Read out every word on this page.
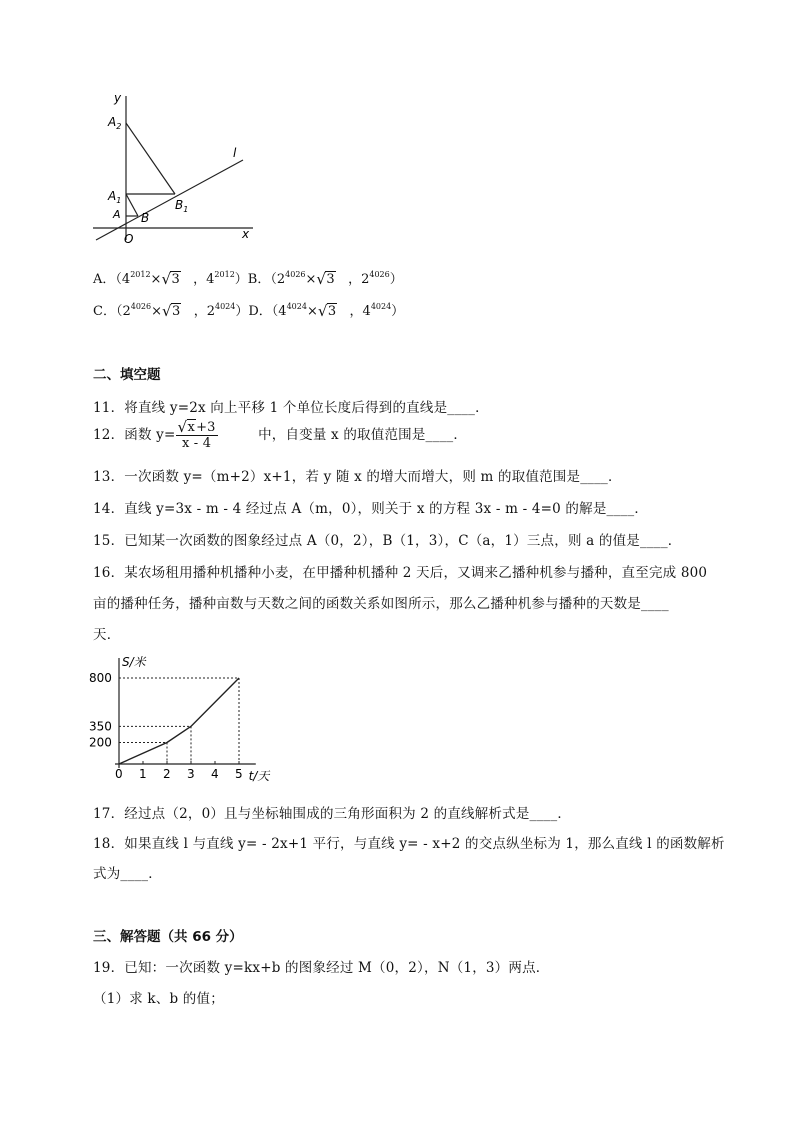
y
x
l
$A_2$
$A_1$
A B
$B_1$
O
A．（$4^{2012}\times$ √ 3   ，$4^{2012})B$．（$2^{4026}\times$ √ 3   ，$2^{4026}$）
C．（$2^{4026}\times$ √ 3   ，$2^{4024})D$．（$4^{4024}\times$ √ 3   ，$4^{4024}$）
二、填空题
11．将直线 y=2x 向上平移 1 个单位长度后得到的直线是____．
12．函数 $y= \frac{√ x+3}{x - 4}$	中，自变量 x 的取值范围是____．
13．一次函数 y=（m+2）x+1，若 y 随 x 的增大而增大，则 m 的取值范围是____．
14．直线 y=3x - m - 4 经过点 A（m，0），则关于 x 的方程 3x - m - 4=0 的解是____．
15．已知某一次函数的图象经过点 A（0，2），B（1，3），C（a，1）三点，则 a 的值是____．
16．某农场租用播种机播种小麦，在甲播种机播种 2 天后，又调来乙播种机参与播种，直至完成 800
亩的播种任务，播种亩数与天数之间的函数关系如图所示，那么乙播种机参与播种的天数是____
天．
S/米
t/天
0 1 2 3 4 5
200
350
800
17．经过点（2，0）且与坐标轴围成的三角形面积为 2 的直线解析式是____．
18．如果直线 l 与直线 y= - 2x+1 平行，与直线 y= - x+2 的交点纵坐标为 1，那么直线 l 的函数解析
式为____．
三、解答题（共 66 分）
19．已知：一次函数 y=kx+b 的图象经过 M（0，2），N（1，3）两点．
（1）求 k、b 的值；
